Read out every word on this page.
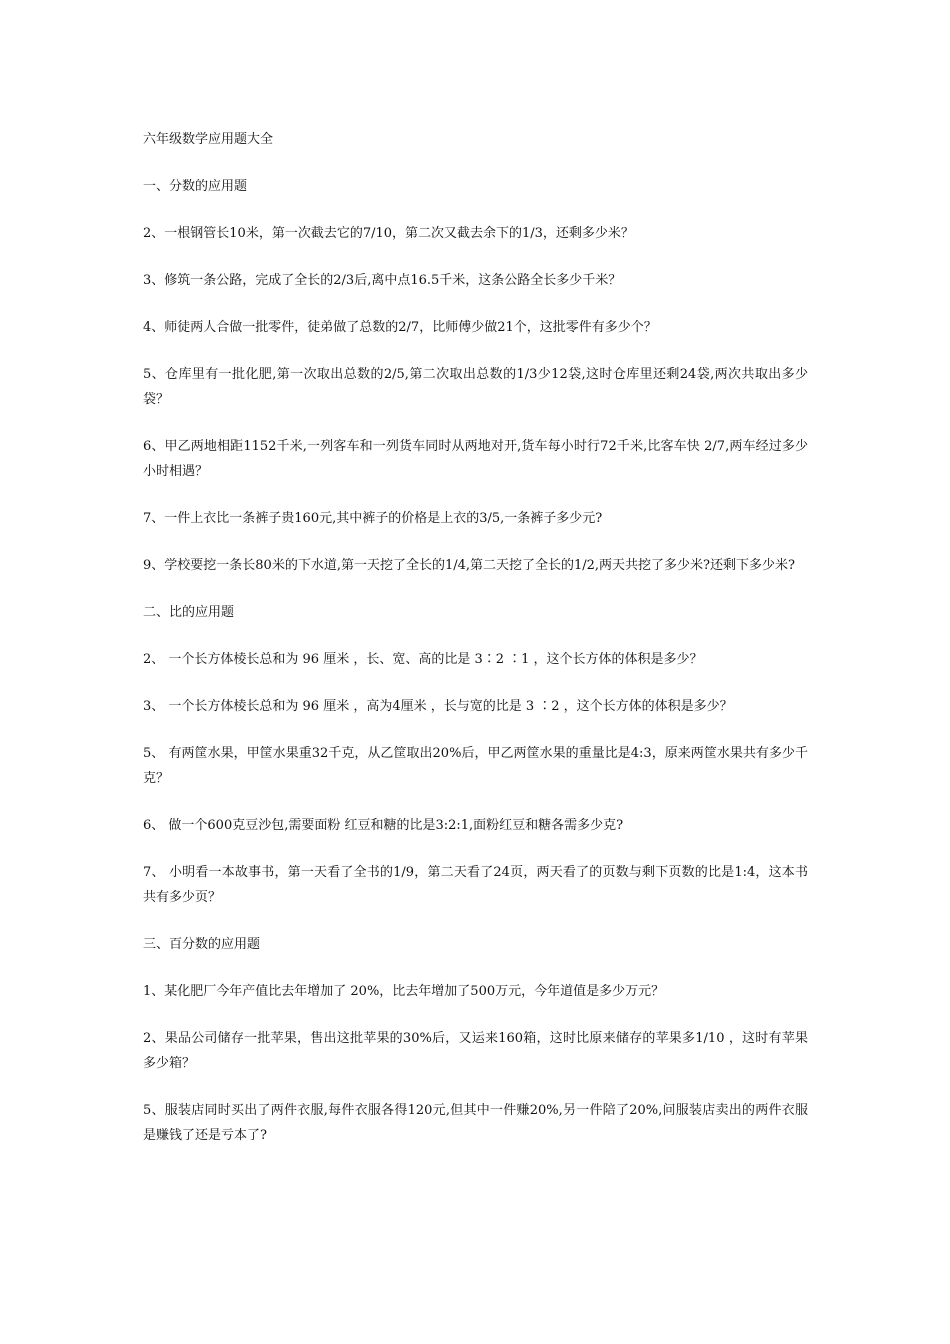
六年级数学应用题大全

一、分数的应用题

2、一根钢管长10米，第一次截去它的7/10，第二次又截去余下的1/3，还剩多少米？

3、修筑一条公路，完成了全长的2/3后,离中点16.5千米，这条公路全长多少千米？

4、师徒两人合做一批零件，徒弟做了总数的2/7，比师傅少做21个，这批零件有多少个？

5、仓库里有一批化肥,第一次取出总数的2/5,第二次取出总数的1/3少12袋,这时仓库里还剩24袋,两次共取出多少袋？

6、甲乙两地相距1152千米,一列客车和一列货车同时从两地对开,货车每小时行72千米,比客车快 2/7,两车经过多少小时相遇？

7、一件上衣比一条裤子贵160元,其中裤子的价格是上衣的3/5,一条裤子多少元?

9、学校要挖一条长80米的下水道,第一天挖了全长的1/4,第二天挖了全长的1/2,两天共挖了多少米?还剩下多少米?

二、比的应用题

2、 一个长方体棱长总和为 96 厘米 ，长、宽、高的比是 3∶2 ∶1 ，这个长方体的体积是多少？

3、 一个长方体棱长总和为 96 厘米 ，高为4厘米 ，长与宽的比是 3 ∶2 ，这个长方体的体积是多少？

5、 有两筐水果，甲筐水果重32千克，从乙筐取出20%后，甲乙两筐水果的重量比是4:3，原来两筐水果共有多少千克？

6、 做一个600克豆沙包,需要面粉 红豆和糖的比是3:2:1,面粉红豆和糖各需多少克?

7、 小明看一本故事书，第一天看了全书的1/9，第二天看了24页，两天看了的页数与剩下页数的比是1:4，这本书共有多少页？

三、百分数的应用题

1、某化肥厂今年产值比去年增加了 20%，比去年增加了500万元，今年道值是多少万元？

2、果品公司储存一批苹果，售出这批苹果的30%后，又运来160箱，这时比原来储存的苹果多1/10 ，这时有苹果多少箱？

5、服装店同时买出了两件衣服,每件衣服各得120元,但其中一件赚20%,另一件陪了20%,问服装店卖出的两件衣服是赚钱了还是亏本了?
